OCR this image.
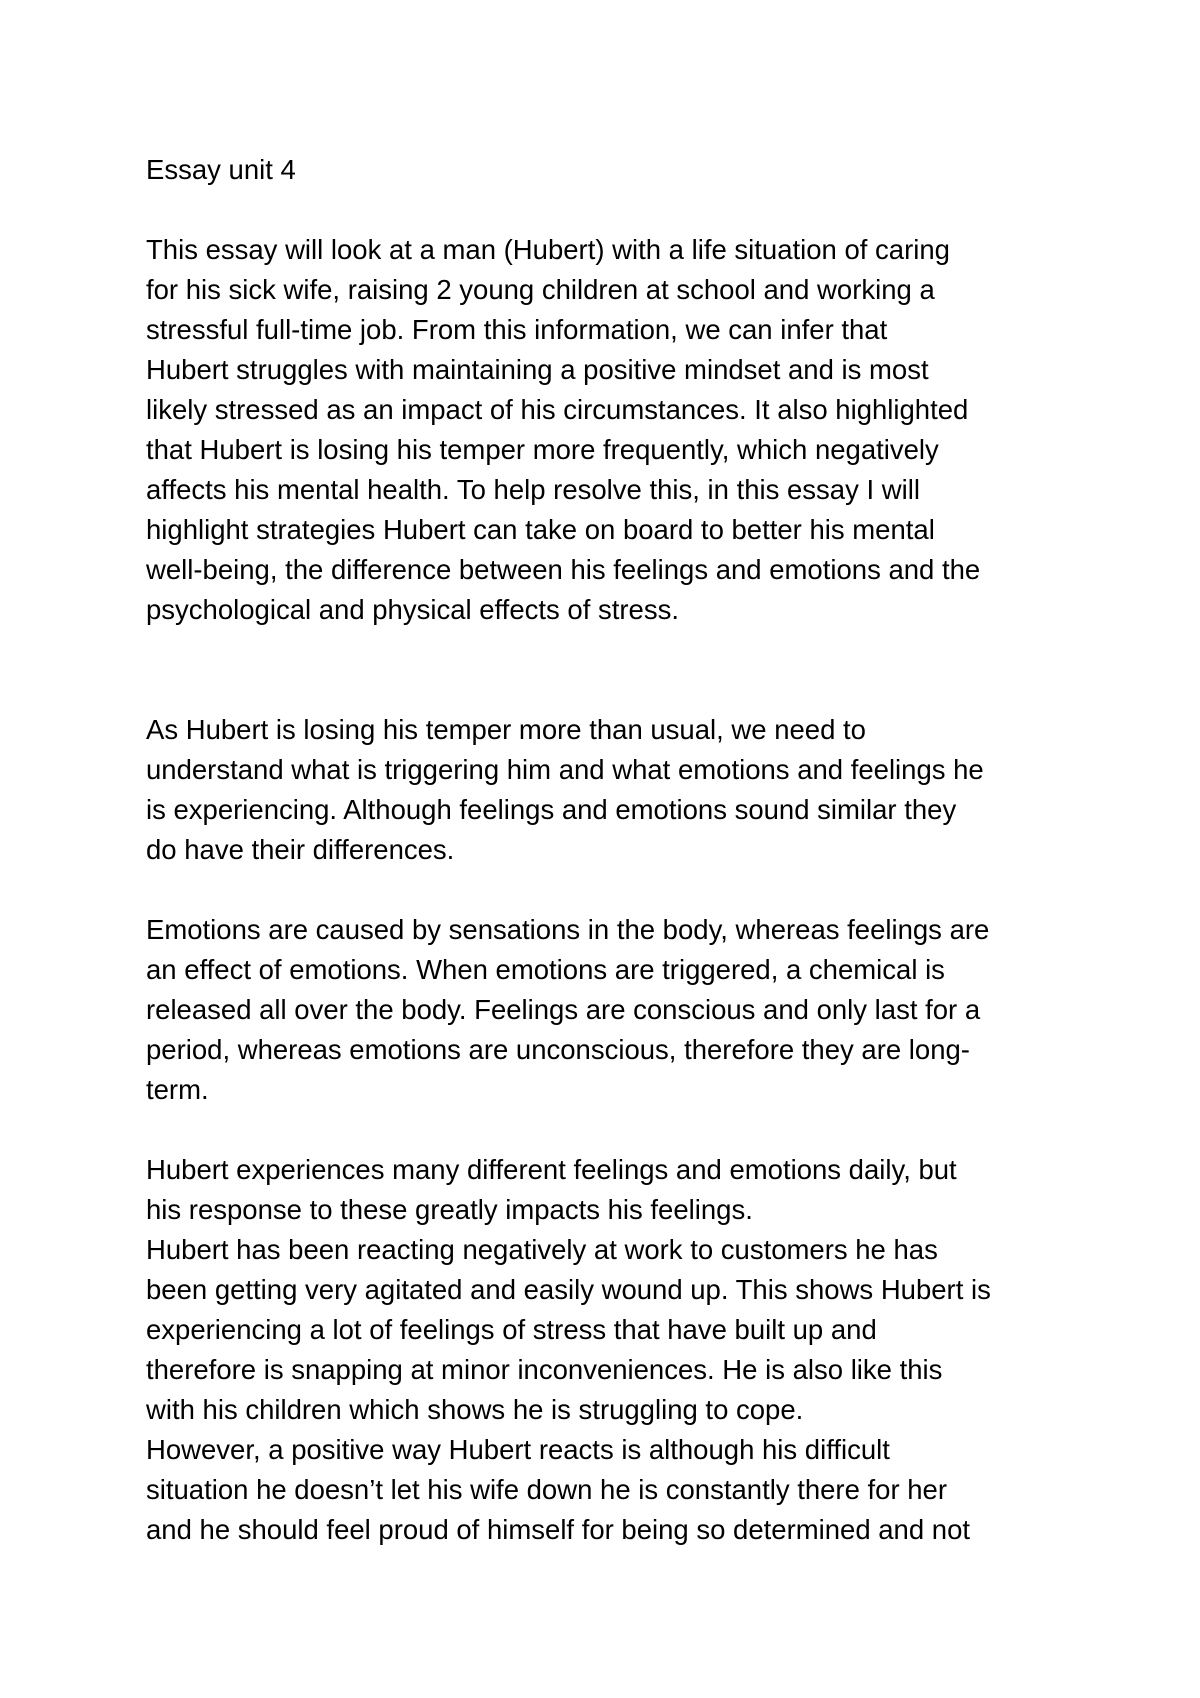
Essay unit 4
This essay will look at a man (Hubert) with a life situation of caring
for his sick wife, raising 2 young children at school and working a
stressful full-time job. From this information, we can infer that
Hubert struggles with maintaining a positive mindset and is most
likely stressed as an impact of his circumstances. It also highlighted
that Hubert is losing his temper more frequently, which negatively
affects his mental health. To help resolve this, in this essay I will
highlight strategies Hubert can take on board to better his mental
well-being, the difference between his feelings and emotions and the
psychological and physical effects of stress.
As Hubert is losing his temper more than usual, we need to
understand what is triggering him and what emotions and feelings he
is experiencing. Although feelings and emotions sound similar they
do have their differences.
Emotions are caused by sensations in the body, whereas feelings are
an effect of emotions. When emotions are triggered, a chemical is
released all over the body. Feelings are conscious and only last for a
period, whereas emotions are unconscious, therefore they are long-
term.
Hubert experiences many different feelings and emotions daily, but
his response to these greatly impacts his feelings.
Hubert has been reacting negatively at work to customers he has
been getting very agitated and easily wound up. This shows Hubert is
experiencing a lot of feelings of stress that have built up and
therefore is snapping at minor inconveniences. He is also like this
with his children which shows he is struggling to cope.
However, a positive way Hubert reacts is although his difficult
situation he doesn’t let his wife down he is constantly there for her
and he should feel proud of himself for being so determined and not
